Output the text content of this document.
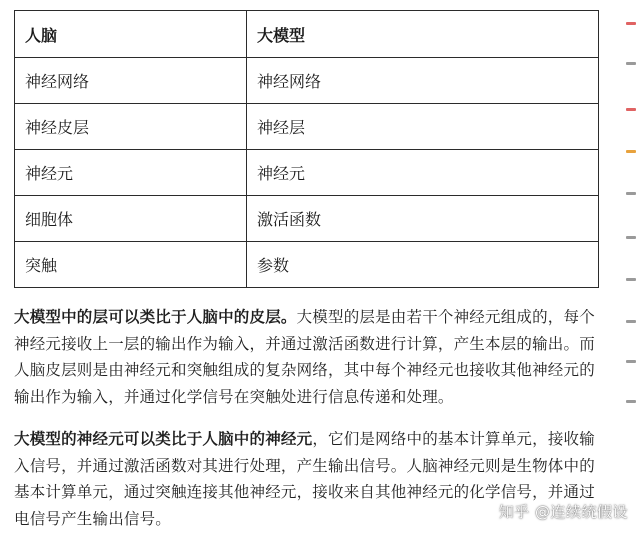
人脑	大模型
神经网络	神经网络
神经皮层	神经层
神经元	神经元
细胞体	激活函数
突触	参数

大模型中的层可以类比于人脑中的皮层。大模型的层是由若干个神经元组成的，每个神经元接收上一层的输出作为输入，并通过激活函数进行计算，产生本层的输出。而人脑皮层则是由神经元和突触组成的复杂网络，其中每个神经元也接收其他神经元的输出作为输入，并通过化学信号在突触处进行信息传递和处理。

大模型的神经元可以类比于人脑中的神经元，它们是网络中的基本计算单元，接收输入信号，并通过激活函数对其进行处理，产生输出信号。人脑神经元则是生物体中的基本计算单元，通过突触连接其他神经元，接收来自其他神经元的化学信号，并通过电信号产生输出信号。	知乎 @连续统假设
